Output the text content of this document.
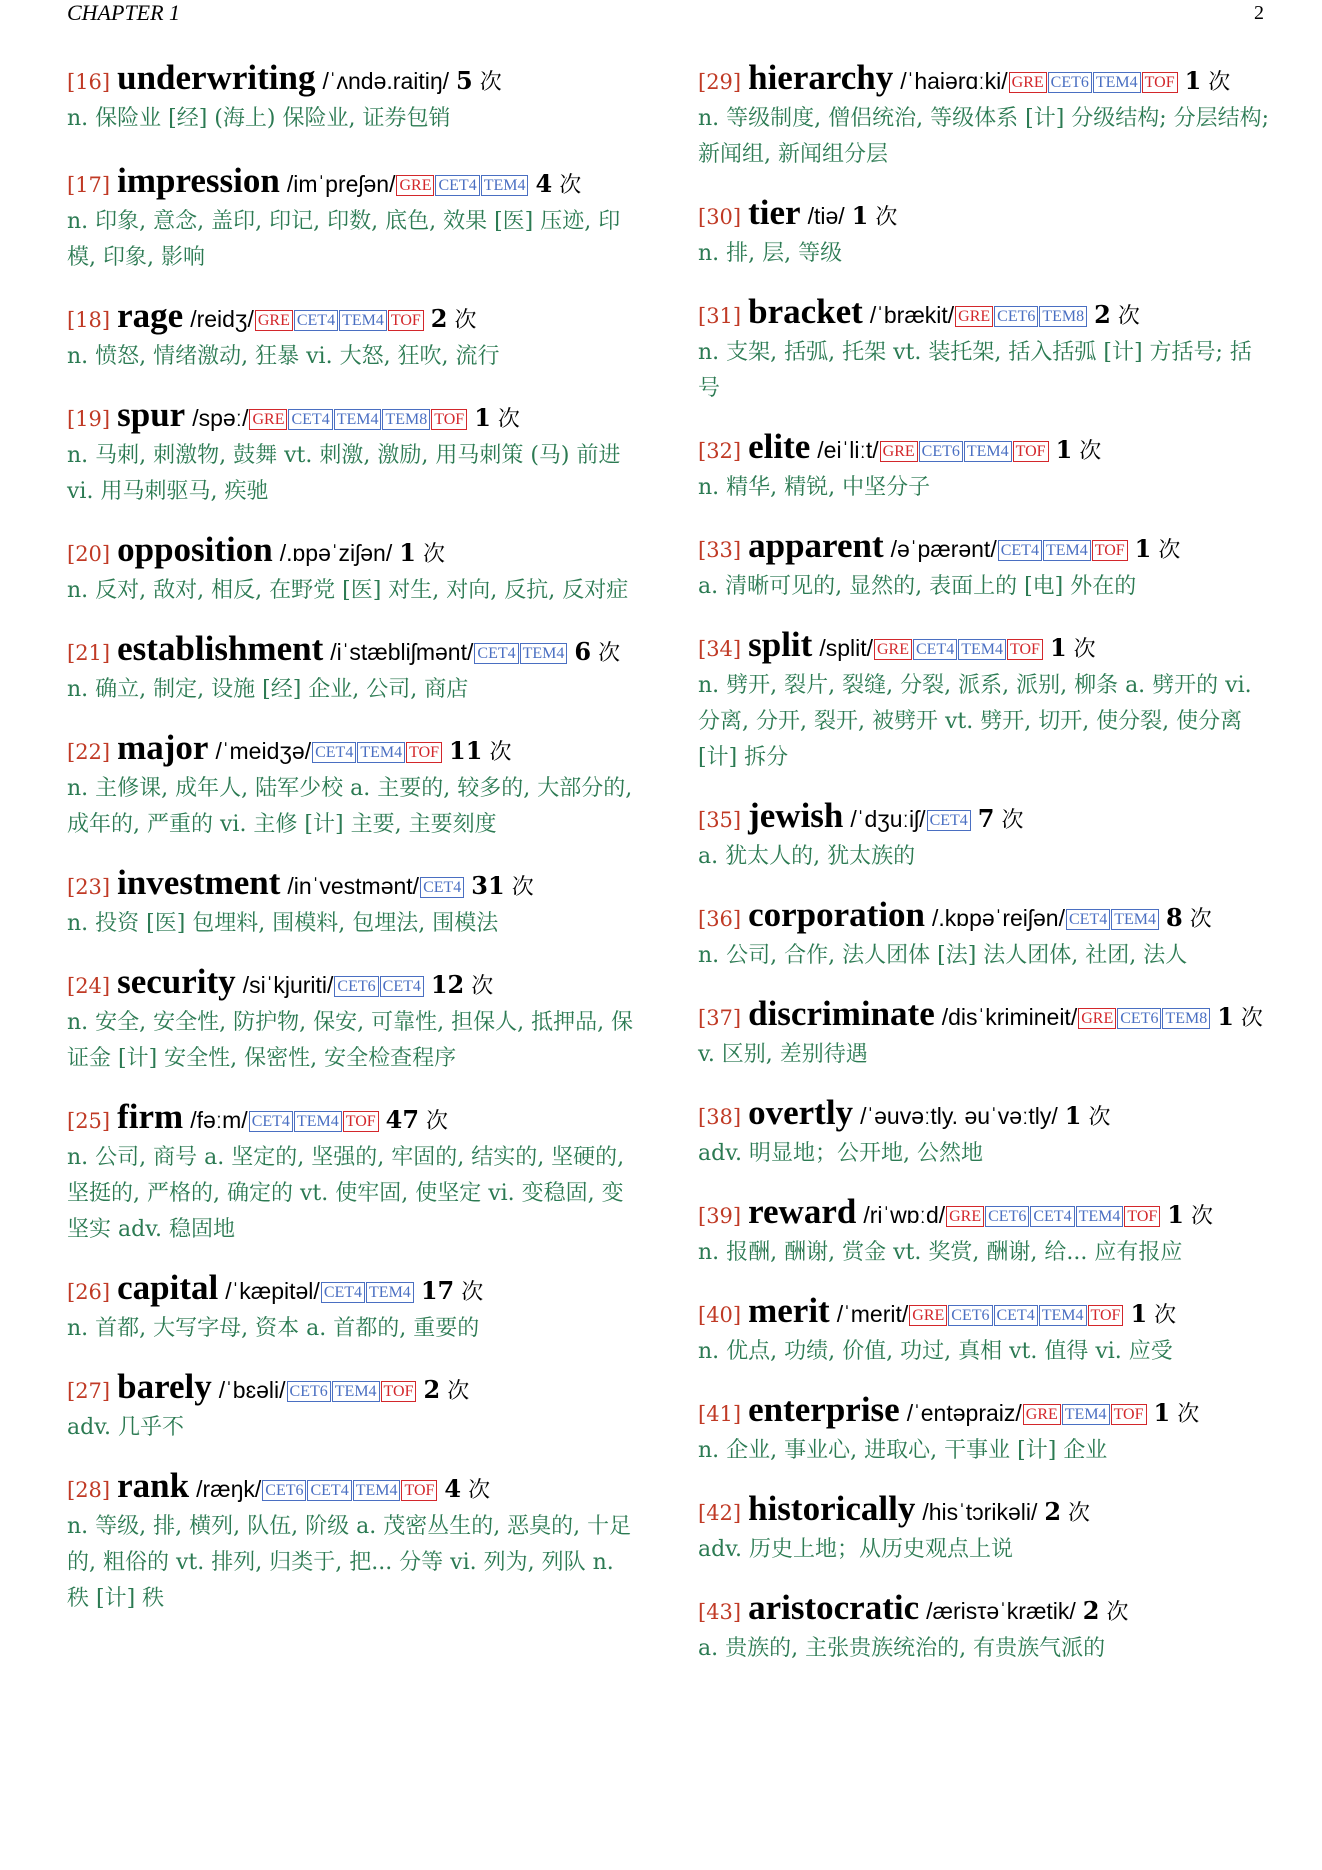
CHAPTER 1	2
[16] underwriting /ˈʌndə.raitiŋ/ 5 次
n. 保险业 [经] (海上) 保险业, 证券包销
[17] impression /imˈpreʃən/ GRE CET4 TEM4 4 次
n. 印象, 意念, 盖印, 印记, 印数, 底色, 效果 [医] 压迹, 印模, 印象, 影响
[18] rage /reidʒ/ GRE CET4 TEM4 TOF 2 次
n. 愤怒, 情绪激动, 狂暴 vi. 大怒, 狂吹, 流行
[19] spur /spəː/ GRE CET4 TEM4 TEM8 TOF 1 次
n. 马刺, 刺激物, 鼓舞 vt. 刺激, 激励, 用马刺策 (马) 前进 vi. 用马刺驱马, 疾驰
[20] opposition /.ɒpəˈziʃən/ 1 次
n. 反对, 敌对, 相反, 在野党 [医] 对生, 对向, 反抗, 反对症
[21] establishment /iˈstæbliʃmənt/ CET4 TEM4 6 次
n. 确立, 制定, 设施 [经] 企业, 公司, 商店
[22] major /ˈmeidʒə/ CET4 TEM4 TOF 11 次
n. 主修课, 成年人, 陆军少校 a. 主要的, 较多的, 大部分的, 成年的, 严重的 vi. 主修 [计] 主要, 主要刻度
[23] investment /inˈvestmənt/ CET4 31 次
n. 投资 [医] 包埋料, 围模料, 包埋法, 围模法
[24] security /siˈkjuriti/ CET6 CET4 12 次
n. 安全, 安全性, 防护物, 保安, 可靠性, 担保人, 抵押品, 保证金 [计] 安全性, 保密性, 安全检查程序
[25] firm /fəːm/ CET4 TEM4 TOF 47 次
n. 公司, 商号 a. 坚定的, 坚强的, 牢固的, 结实的, 坚硬的, 坚挺的, 严格的, 确定的 vt. 使牢固, 使坚定 vi. 变稳固, 变坚实 adv. 稳固地
[26] capital /ˈkæpitəl/ CET4 TEM4 17 次
n. 首都, 大写字母, 资本 a. 首都的, 重要的
[27] barely /ˈbɛəli/ CET6 TEM4 TOF 2 次
adv. 几乎不
[28] rank /ræŋk/ CET6 CET4 TEM4 TOF 4 次
n. 等级, 排, 横列, 队伍, 阶级 a. 茂密丛生的, 恶臭的, 十足的, 粗俗的 vt. 排列, 归类于, 把... 分等 vi. 列为, 列队 n. 秩 [计] 秩
[29] hierarchy /ˈhaiərɑːki/ GRE CET6 TEM4 TOF 1 次
n. 等级制度, 僧侣统治, 等级体系 [计] 分级结构; 分层结构; 新闻组, 新闻组分层
[30] tier /tiə/ 1 次
n. 排, 层, 等级
[31] bracket /ˈbrækit/ GRE CET6 TEM8 2 次
n. 支架, 括弧, 托架 vt. 装托架, 括入括弧 [计] 方括号; 括号
[32] elite /eiˈliːt/ GRE CET6 TEM4 TOF 1 次
n. 精华, 精锐, 中坚分子
[33] apparent /əˈpærənt/ CET4 TEM4 TOF 1 次
a. 清晰可见的, 显然的, 表面上的 [电] 外在的
[34] split /split/ GRE CET4 TEM4 TOF 1 次
n. 劈开, 裂片, 裂缝, 分裂, 派系, 派别, 柳条 a. 劈开的 vi. 分离, 分开, 裂开, 被劈开 vt. 劈开, 切开, 使分裂, 使分离 [计] 拆分
[35] jewish /ˈdʒuːiʃ/ CET4 7 次
a. 犹太人的, 犹太族的
[36] corporation /.kɒpəˈreiʃən/ CET4 TEM4 8 次
n. 公司, 合作, 法人团体 [法] 法人团体, 社团, 法人
[37] discriminate /disˈkrimineit/ GRE CET6 TEM8 1 次
v. 区别, 差别待遇
[38] overtly /ˈəuvəːtly. əuˈvəːtly/ 1 次
adv. 明显地；公开地, 公然地
[39] reward /riˈwɒːd/ GRE CET6 CET4 TEM4 TOF 1 次
n. 报酬, 酬谢, 赏金 vt. 奖赏, 酬谢, 给... 应有报应
[40] merit /ˈmerit/ GRE CET6 CET4 TEM4 TOF 1 次
n. 优点, 功绩, 价值, 功过, 真相 vt. 值得 vi. 应受
[41] enterprise /ˈentəpraiz/ GRE TEM4 TOF 1 次
n. 企业, 事业心, 进取心, 干事业 [计] 企业
[42] historically /hisˈtɔrikəli/ 2 次
adv. 历史上地；从历史观点上说
[43] aristocratic /ærisτəˈkrætik/ 2 次
a. 贵族的, 主张贵族统治的, 有贵族气派的
